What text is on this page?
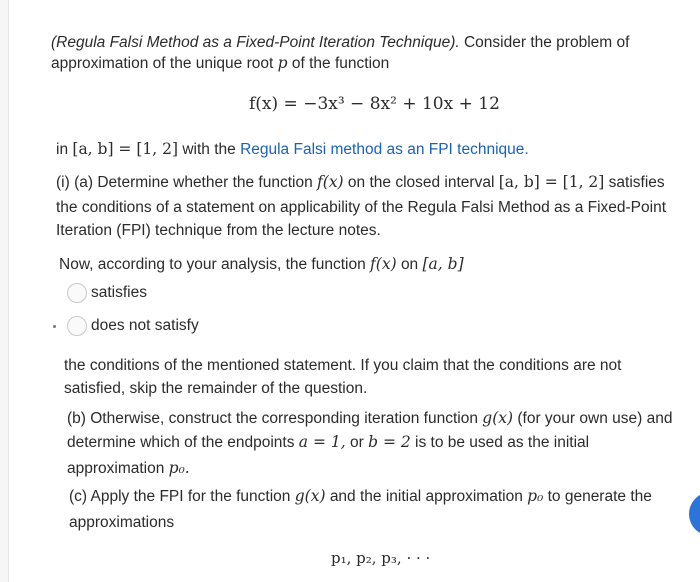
(Regula Falsi Method as a Fixed-Point Iteration Technique). Consider the problem of
approximation of the unique root p of the function
f(x) = −3x³ − 8x² + 10x + 12
in [a, b] = [1, 2] with the Regula Falsi method as an FPI technique.
(i) (a) Determine whether the function f(x) on the closed interval [a, b] = [1, 2] satisfies
the conditions of a statement on applicability of the Regula Falsi Method as a Fixed-Point
Iteration (FPI) technique from the lecture notes.
Now, according to your analysis, the function f(x) on [a, b]
satisfies
does not satisfy
the conditions of the mentioned statement. If you claim that the conditions are not
satisfied, skip the remainder of the question.
(b) Otherwise, construct the corresponding iteration function g(x) (for your own use) and
determine which of the endpoints a = 1, or b = 2 is to be used as the initial
approximation p₀.
(c) Apply the FPI for the function g(x) and the initial approximation p₀ to generate the
approximations
p₁, p₂, p₃, · · ·
